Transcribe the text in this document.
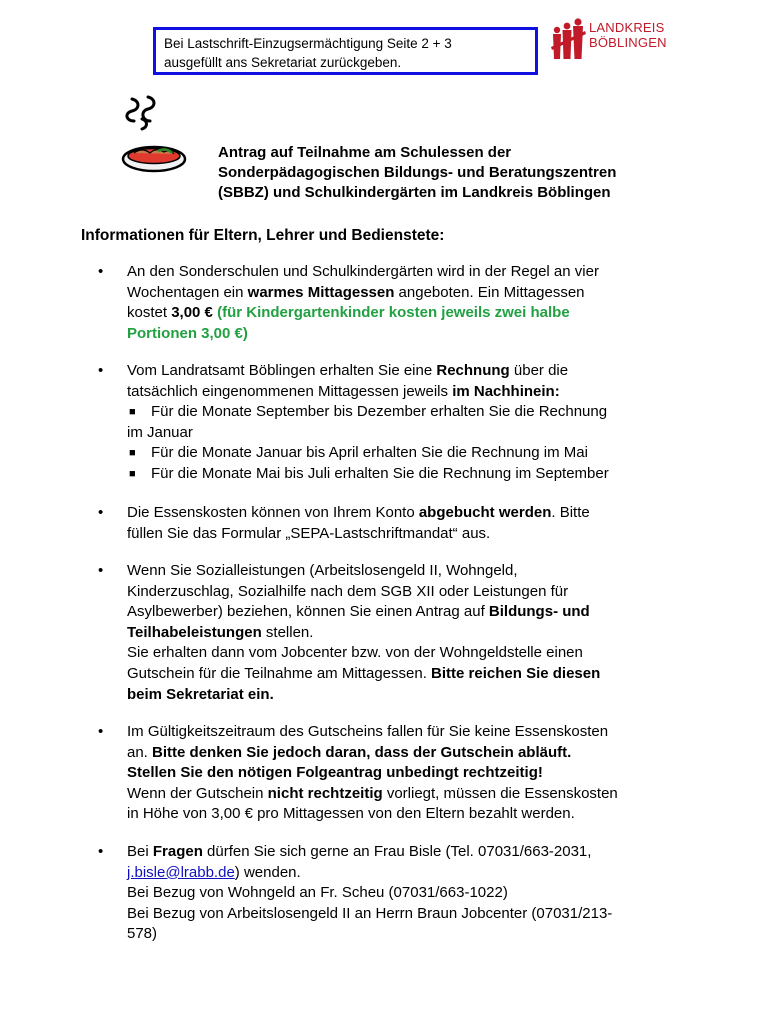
Bei Lastschrift-Einzugsermächtigung Seite 2 + 3
ausgefüllt ans Sekretariat zurückgeben.
LANDKREIS
BÖBLINGEN
Antrag auf Teilnahme am Schulessen der
Sonderpädagogischen Bildungs- und Beratungszentren
(SBBZ) und Schulkindergärten im Landkreis Böblingen
Informationen für Eltern, Lehrer und Bedienstete:
• An den Sonderschulen und Schulkindergärten wird in der Regel an vier
Wochentagen ein warmes Mittagessen angeboten. Ein Mittagessen
kostet 3,00 € (für Kindergartenkinder kosten jeweils zwei halbe
Portionen 3,00 €)
• Vom Landratsamt Böblingen erhalten Sie eine Rechnung über die
tatsächlich eingenommenen Mittagessen jeweils im Nachhinein:
■ Für die Monate September bis Dezember erhalten Sie die Rechnung
im Januar
■ Für die Monate Januar bis April erhalten Sie die Rechnung im Mai
■ Für die Monate Mai bis Juli erhalten Sie die Rechnung im September
• Die Essenskosten können von Ihrem Konto abgebucht werden. Bitte
füllen Sie das Formular „SEPA-Lastschriftmandat“ aus.
• Wenn Sie Sozialleistungen (Arbeitslosengeld II, Wohngeld,
Kinderzuschlag, Sozialhilfe nach dem SGB XII oder Leistungen für
Asylbewerber) beziehen, können Sie einen Antrag auf Bildungs- und
Teilhabeleistungen stellen.
Sie erhalten dann vom Jobcenter bzw. von der Wohngeldstelle einen
Gutschein für die Teilnahme am Mittagessen. Bitte reichen Sie diesen
beim Sekretariat ein.
• Im Gültigkeitszeitraum des Gutscheins fallen für Sie keine Essenskosten
an. Bitte denken Sie jedoch daran, dass der Gutschein abläuft.
Stellen Sie den nötigen Folgeantrag unbedingt rechtzeitig!
Wenn der Gutschein nicht rechtzeitig vorliegt, müssen die Essenskosten
in Höhe von 3,00 € pro Mittagessen von den Eltern bezahlt werden.
• Bei Fragen dürfen Sie sich gerne an Frau Bisle (Tel. 07031/663-2031,
j.bisle@lrabb.de) wenden.
Bei Bezug von Wohngeld an Fr. Scheu (07031/663-1022)
Bei Bezug von Arbeitslosengeld II an Herrn Braun Jobcenter (07031/213-
578)
